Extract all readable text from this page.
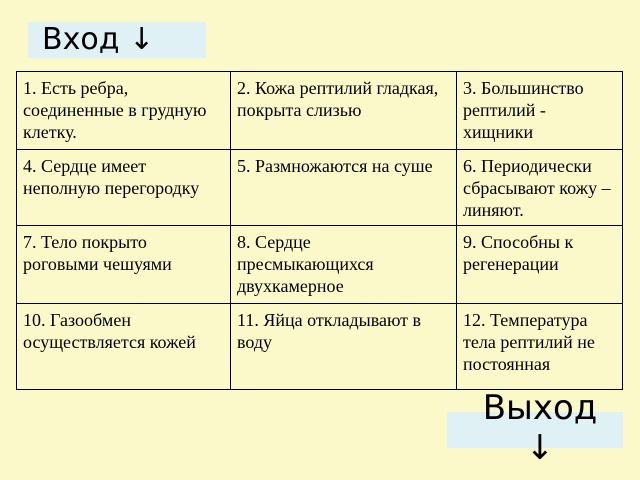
Вход ↓
1. Есть ребра, соединенные в грудную клетку.	2. Кожа рептилий гладкая, покрыта слизью	3. Большинство рептилий - хищники
4. Сердце имеет неполную перегородку	5. Размножаются на суше	6. Периодически сбрасывают кожу – линяют.
7. Тело покрыто роговыми чешуями	8. Сердце пресмыкающихся двухкамерное	9. Способны к регенерации
10. Газообмен осуществляется кожей	11. Яйца откладывают в воду	12. Температура тела рептилий не постоянная
Выход
↓
